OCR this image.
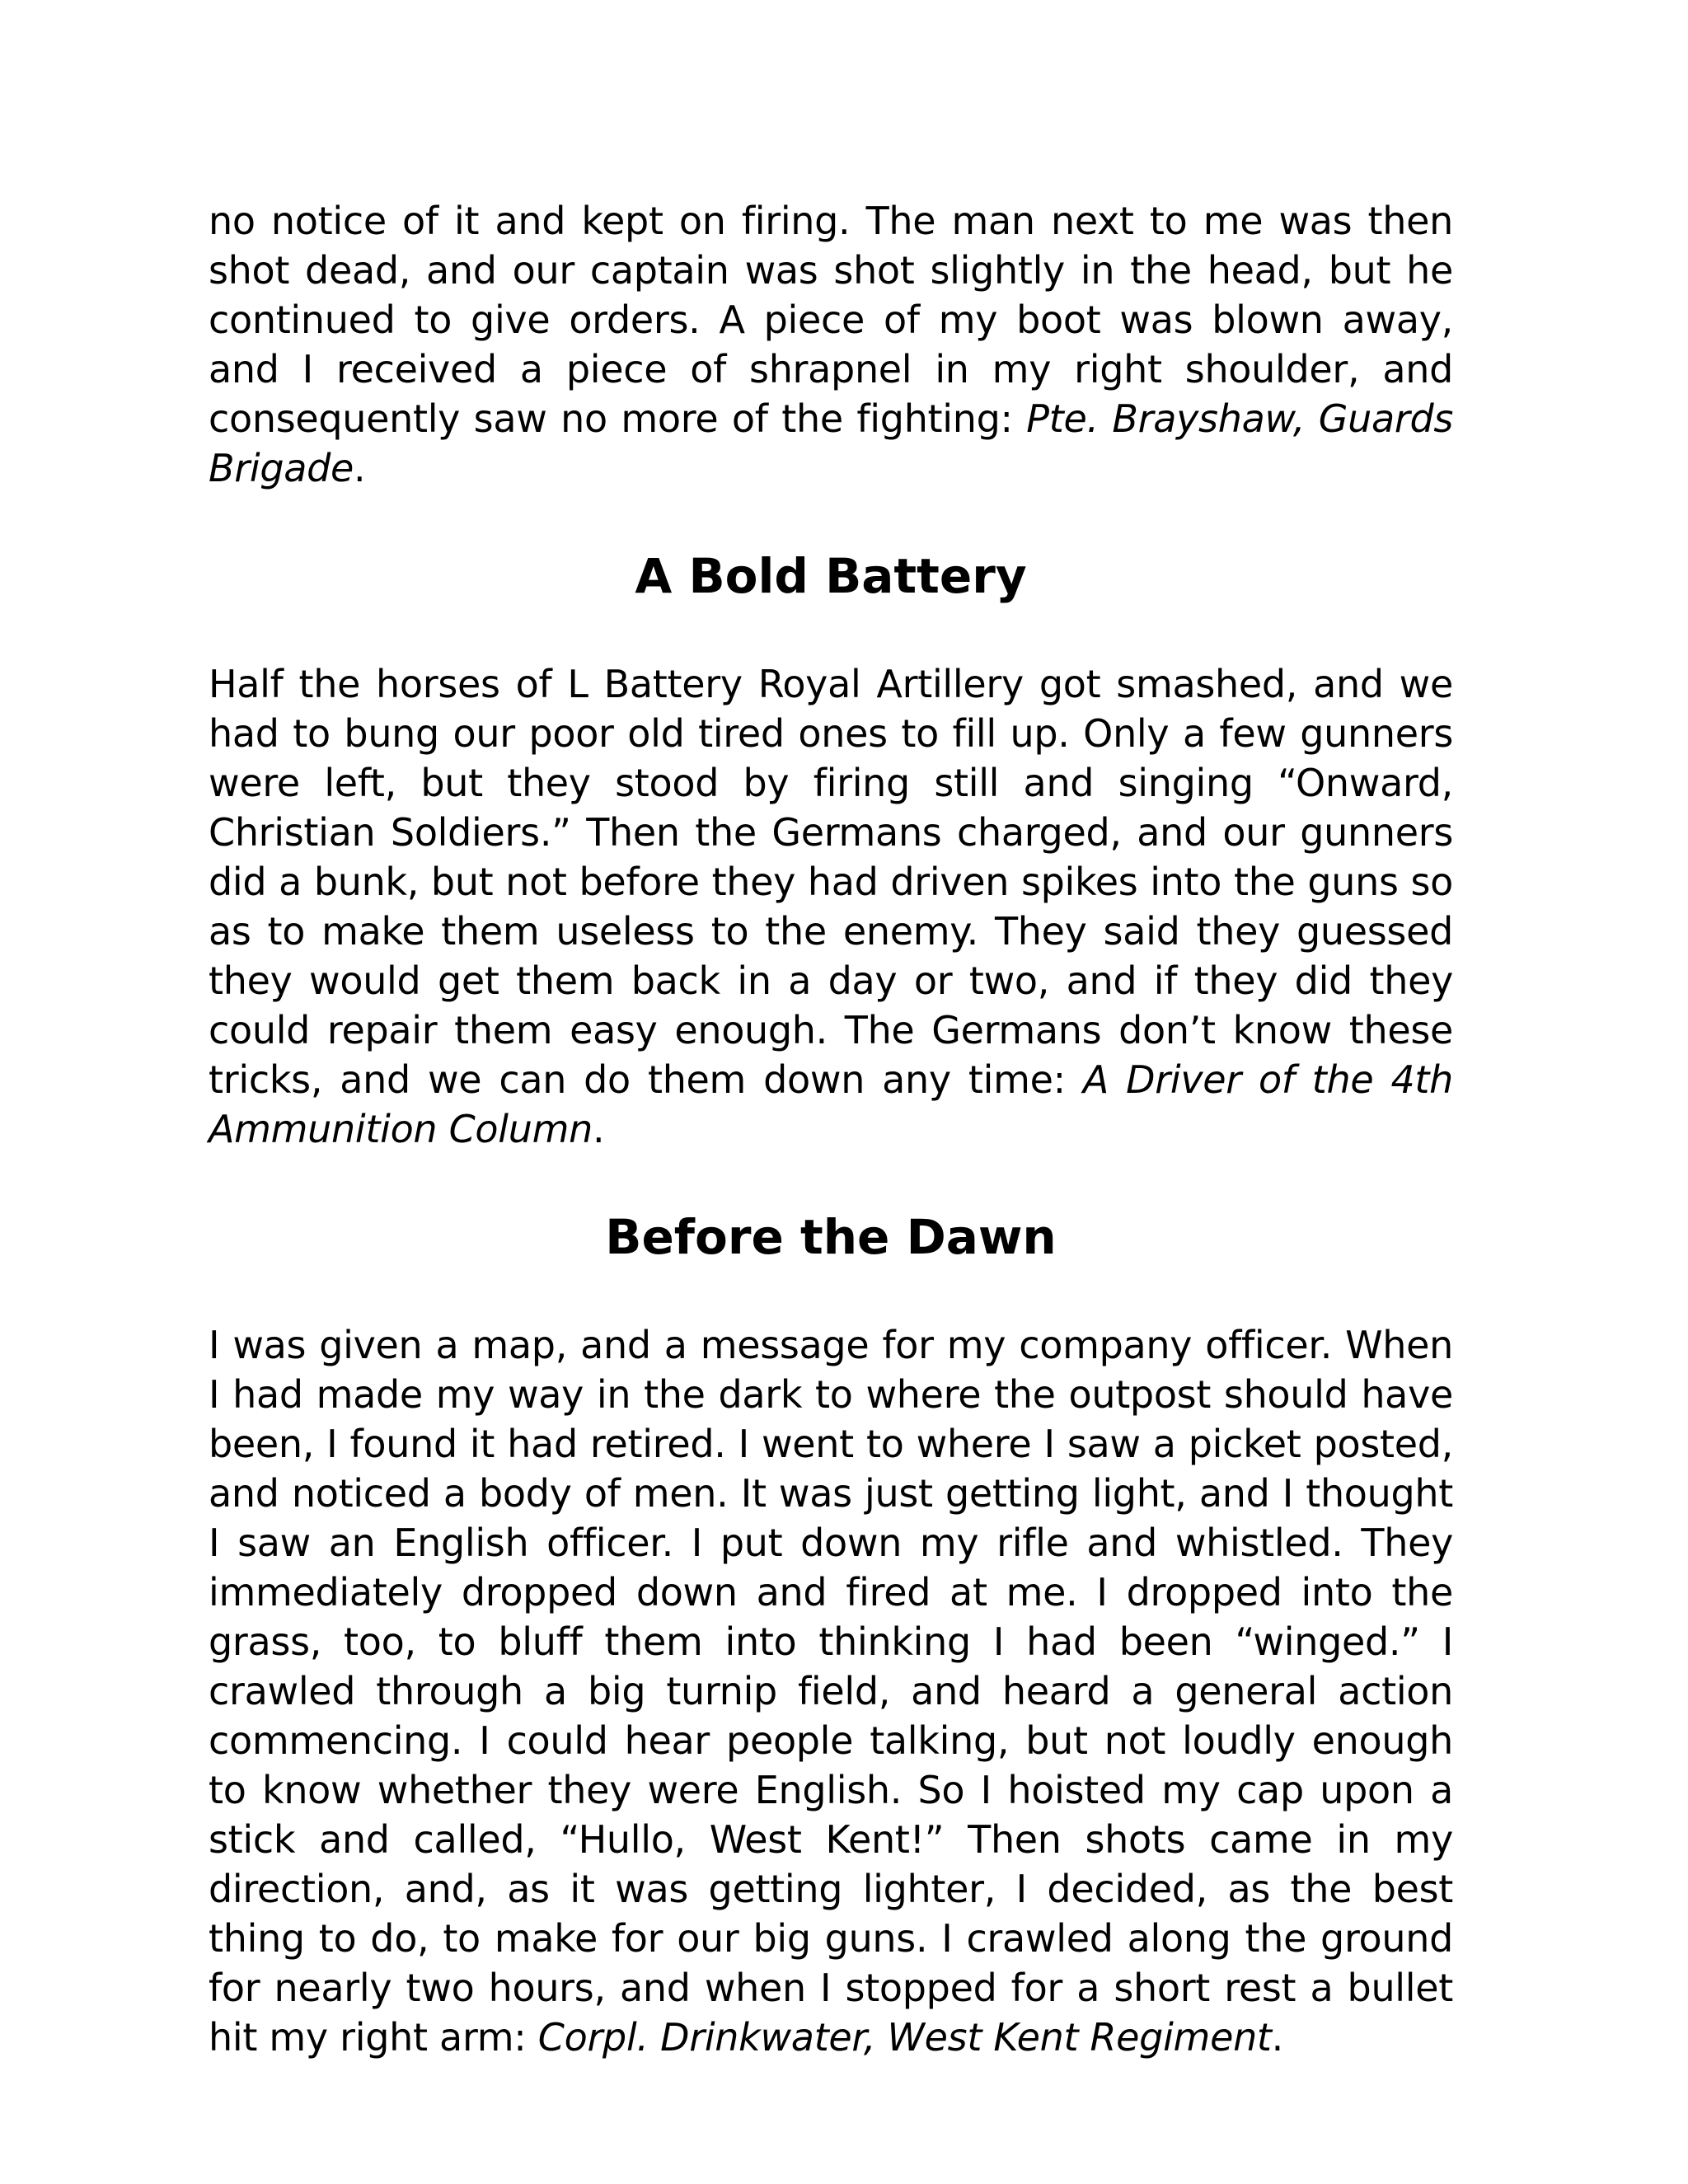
no notice of it and kept on firing. The man next to me was then shot dead, and our captain was shot slightly in the head, but he continued to give orders. A piece of my boot was blown away, and I received a piece of shrapnel in my right shoulder, and consequently saw no more of the fighting: Pte. Brayshaw, Guards Brigade.

A Bold Battery

Half the horses of L Battery Royal Artillery got smashed, and we had to bung our poor old tired ones to fill up. Only a few gunners were left, but they stood by firing still and singing “Onward, Christian Soldiers.” Then the Germans charged, and our gunners did a bunk, but not before they had driven spikes into the guns so as to make them useless to the enemy. They said they guessed they would get them back in a day or two, and if they did they could repair them easy enough. The Germans don’t know these tricks, and we can do them down any time: A Driver of the 4th Ammunition Column.

Before the Dawn

I was given a map, and a message for my company officer. When I had made my way in the dark to where the outpost should have been, I found it had retired. I went to where I saw a picket posted, and noticed a body of men. It was just getting light, and I thought I saw an English officer. I put down my rifle and whistled. They immediately dropped down and fired at me. I dropped into the grass, too, to bluff them into thinking I had been “winged.” I crawled through a big turnip field, and heard a general action commencing. I could hear people talking, but not loudly enough to know whether they were English. So I hoisted my cap upon a stick and called, “Hullo, West Kent!” Then shots came in my direction, and, as it was getting lighter, I decided, as the best thing to do, to make for our big guns. I crawled along the ground for nearly two hours, and when I stopped for a short rest a bullet hit my right arm: Corpl. Drinkwater, West Kent Regiment.
